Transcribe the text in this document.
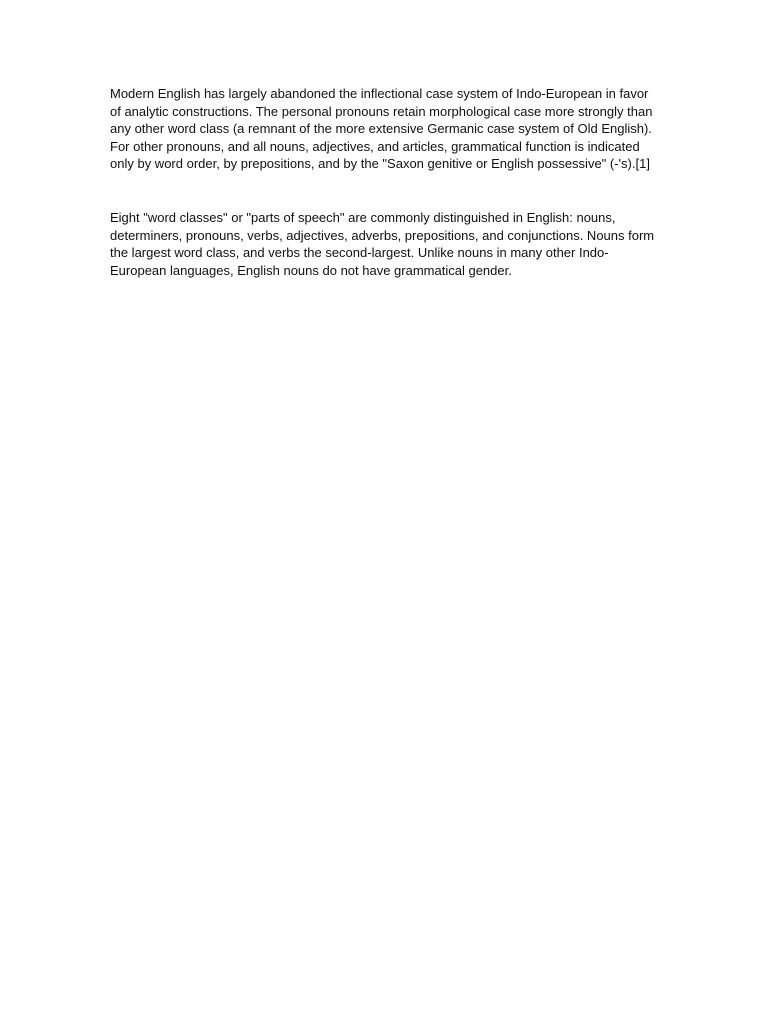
Modern English has largely abandoned the inflectional case system of Indo-European in favor of analytic constructions. The personal pronouns retain morphological case more strongly than any other word class (a remnant of the more extensive Germanic case system of Old English). For other pronouns, and all nouns, adjectives, and articles, grammatical function is indicated only by word order, by prepositions, and by the "Saxon genitive or English possessive" (-'s).[1]

Eight "word classes" or "parts of speech" are commonly distinguished in English: nouns, determiners, pronouns, verbs, adjectives, adverbs, prepositions, and conjunctions. Nouns form the largest word class, and verbs the second-largest. Unlike nouns in many other Indo-European languages, English nouns do not have grammatical gender.
